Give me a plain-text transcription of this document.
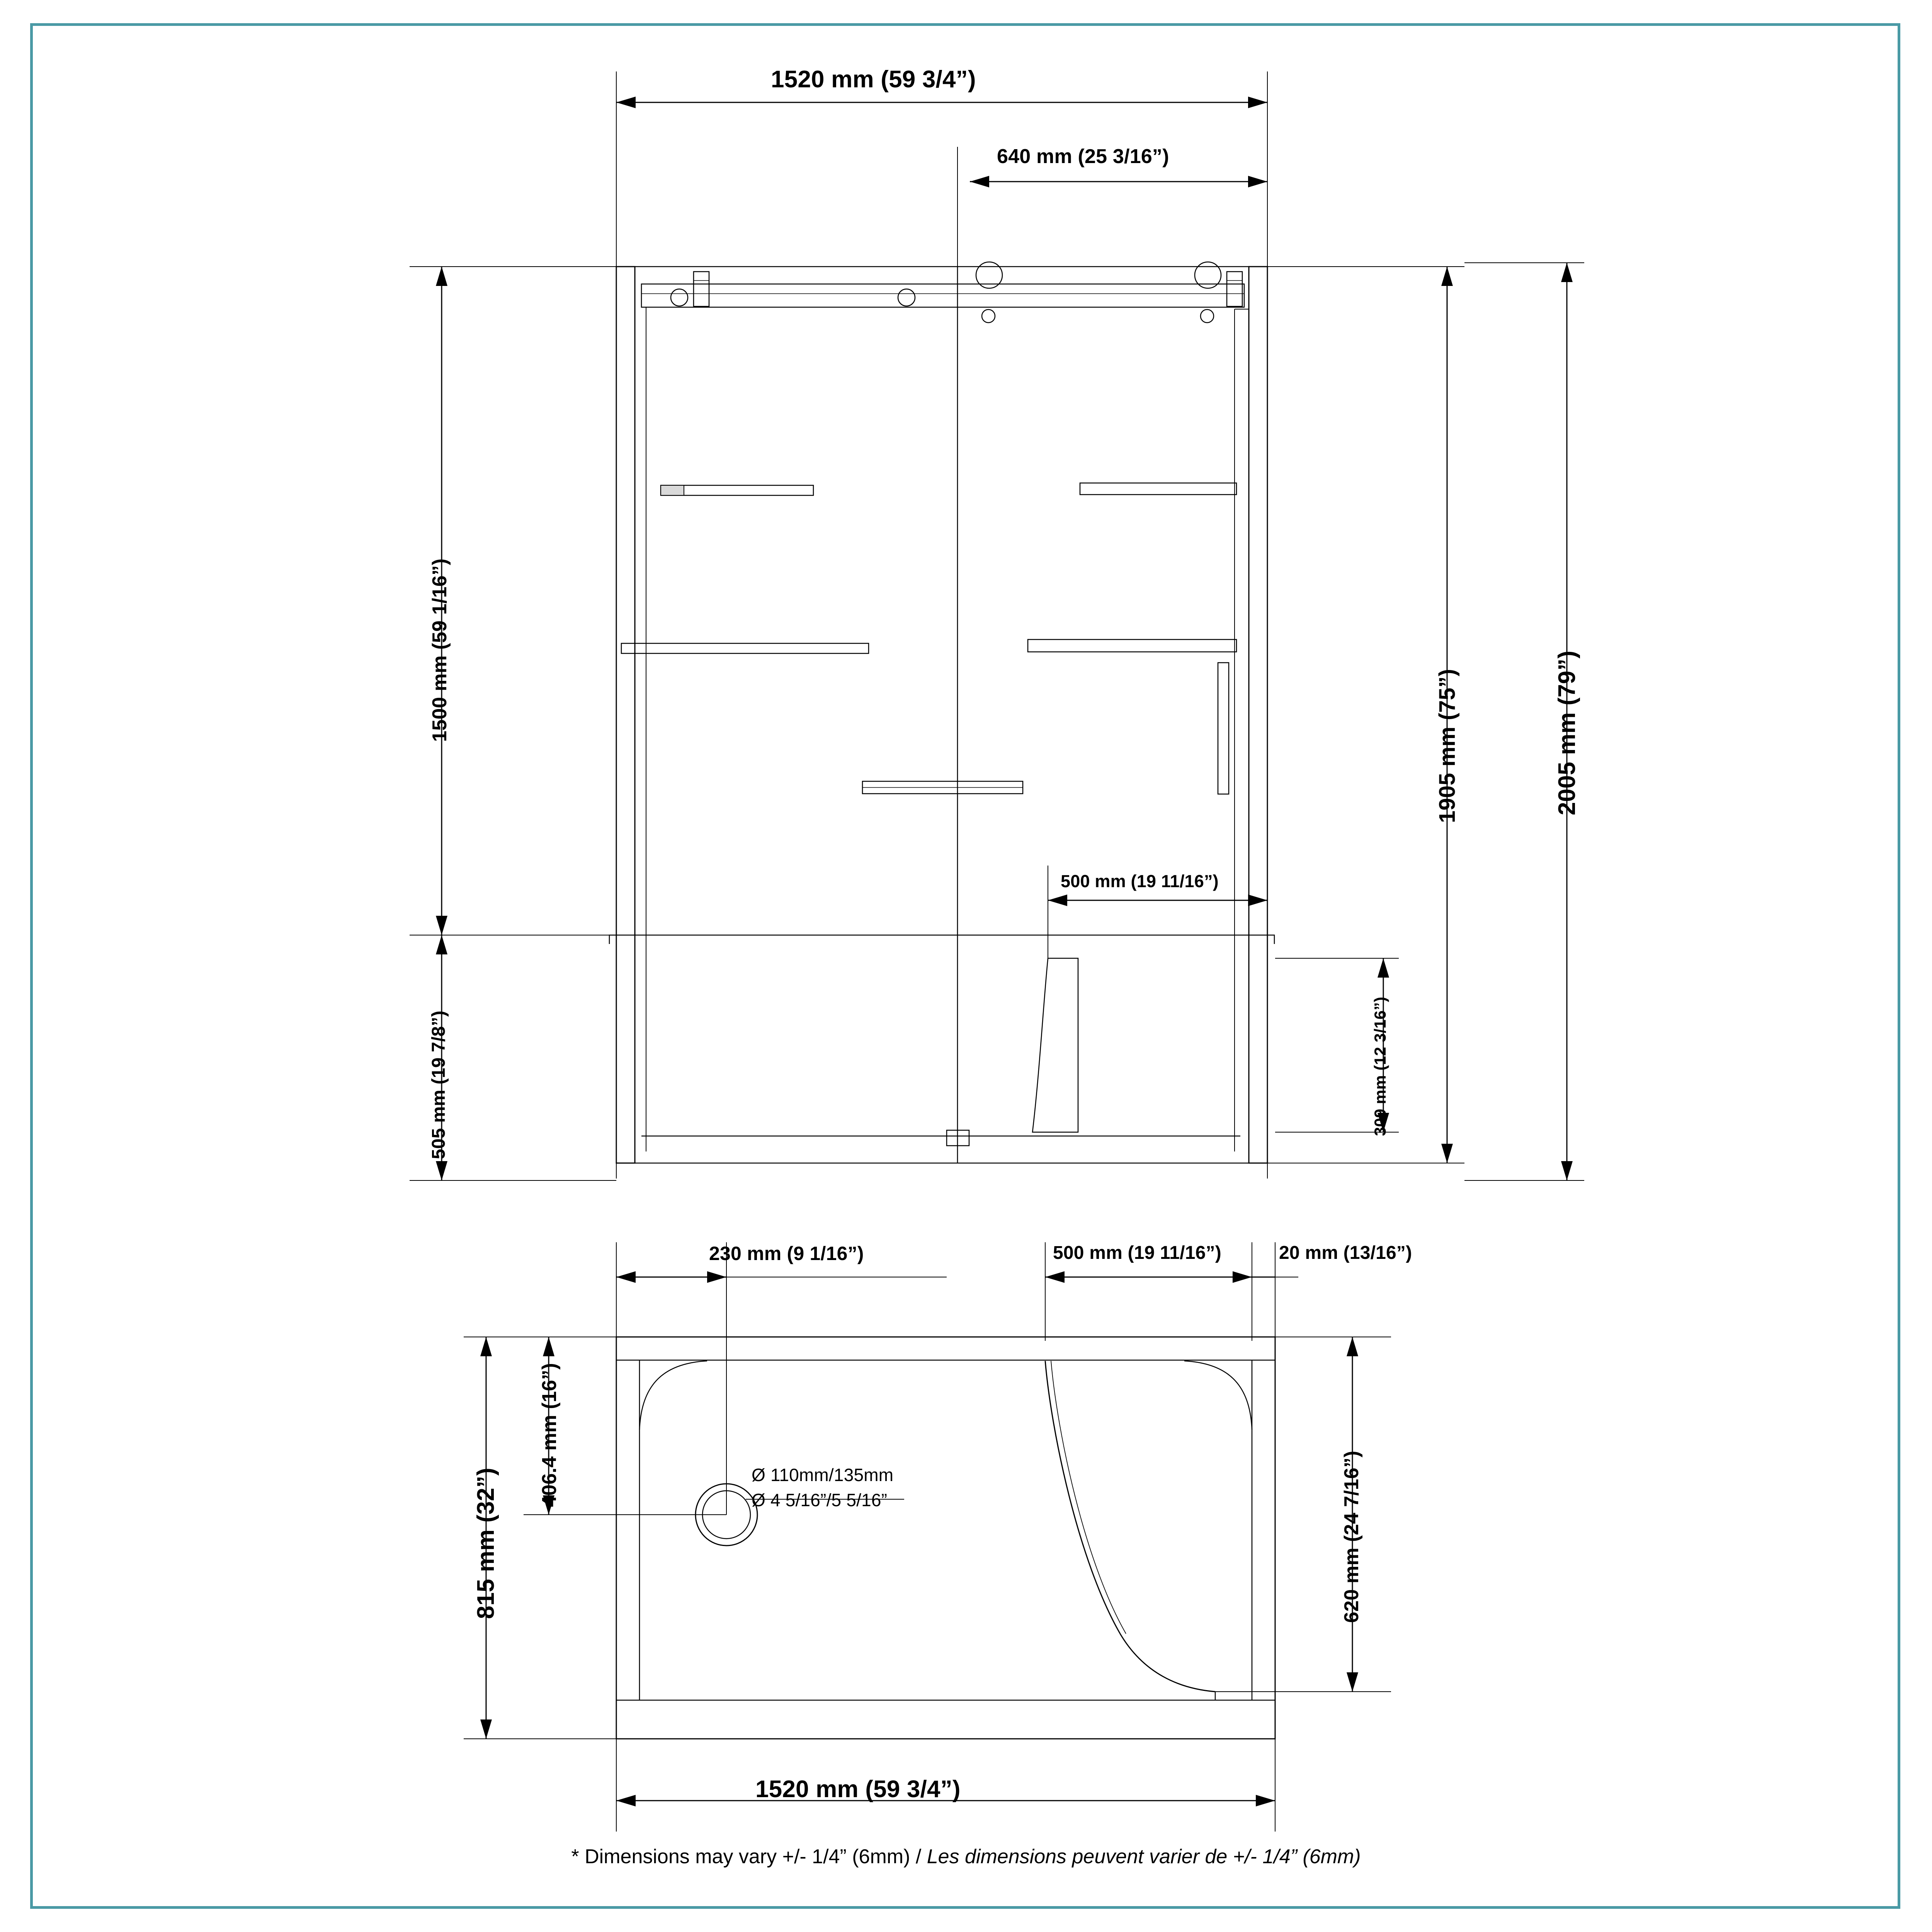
1520 mm (59 3/4”)
640 mm (25 3/16”)
500 mm (19 11/16”)
1500 mm (59 1/16”)
505 mm (19 7/8”)
1905 mm (75”)	2005 mm (79”)
309 mm (12 3/16”)
230 mm (9 1/16”)	500 mm (19 11/16”)	20 mm (13/16”)
406.4 mm (16”)
815 mm (32”)	620 mm (24 7/16”)
1520 mm (59 3/4”)
Ø 110mm/135mm
Ø 4 5/16”/5 5/16”
* Dimensions may vary +/- 1/4” (6mm) / Les dimensions peuvent varier de +/- 1/4” (6mm)
